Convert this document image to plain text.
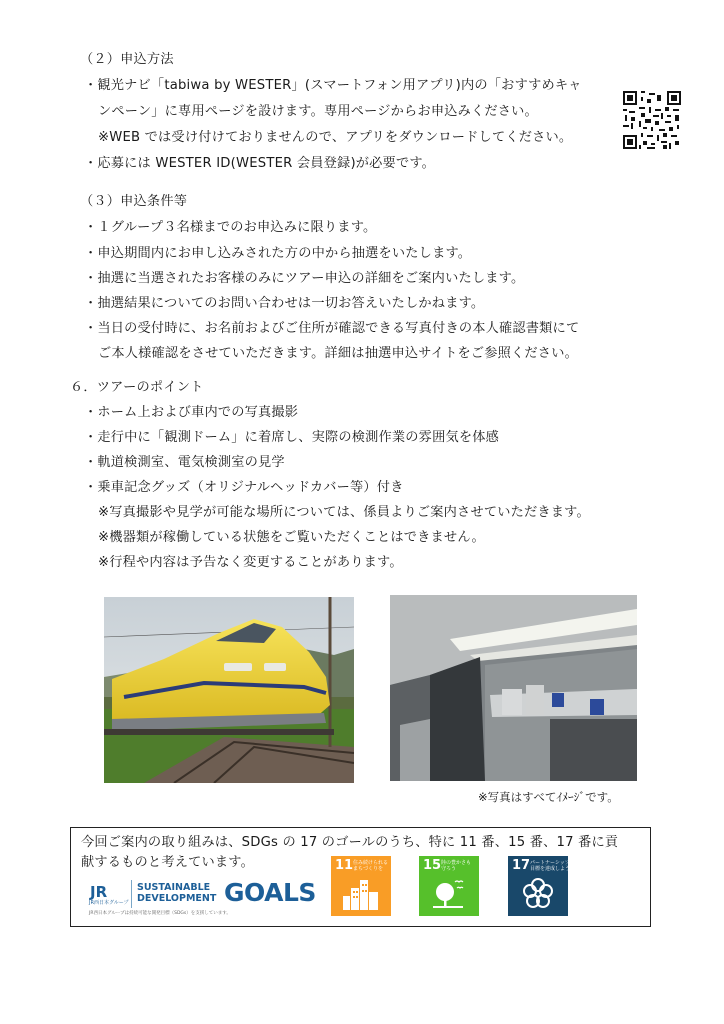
（２）申込方法
・観光ナビ「tabiwa by WESTER」(スマートフォン用アプリ)内の「おすすめキャ
ンペーン」に専用ページを設けます。専用ページからお申込みください。
※WEB では受け付けておりませんので、アプリをダウンロードしてください。
・応募には WESTER ID(WESTER 会員登録)が必要です。
（３）申込条件等
・１グループ３名様までのお申込みに限ります。
・申込期間内にお申し込みされた方の中から抽選をいたします。
・抽選に当選されたお客様のみにツアー申込の詳細をご案内いたします。
・抽選結果についてのお問い合わせは一切お答えいたしかねます。
・当日の受付時に、お名前およびご住所が確認できる写真付きの本人確認書類にて
ご本人様確認をさせていただきます。詳細は抽選申込サイトをご参照ください。
６．ツアーのポイント
・ホーム上および車内での写真撮影
・走行中に「観測ドーム」に着席し、実際の検測作業の雰囲気を体感
・軌道検測室、電気検測室の見学
・乗車記念グッズ（オリジナルヘッドカバー等）付き
※写真撮影や見学が可能な場所については、係員よりご案内させていただきます。
※機器類が稼働している状態をご覧いただくことはできません。
※行程や内容は予告なく変更することがあります。
※写真はすべてｲﾒｰｼﾞです。
今回ご案内の取り組みは、SDGs の 17 のゴールのうち、特に 11 番、15 番、17 番に貢
献するものと考えています。
JR
JR西日本グループ
SUSTAINABLE
DEVELOPMENT GOALS
JR西日本グループは持続可能な開発目標（SDGs）を支援しています。
11 住み続けられる
まちづくりを	15 陸の豊かさも
守ろう	17 パートナーシップで
目標を達成しよう
